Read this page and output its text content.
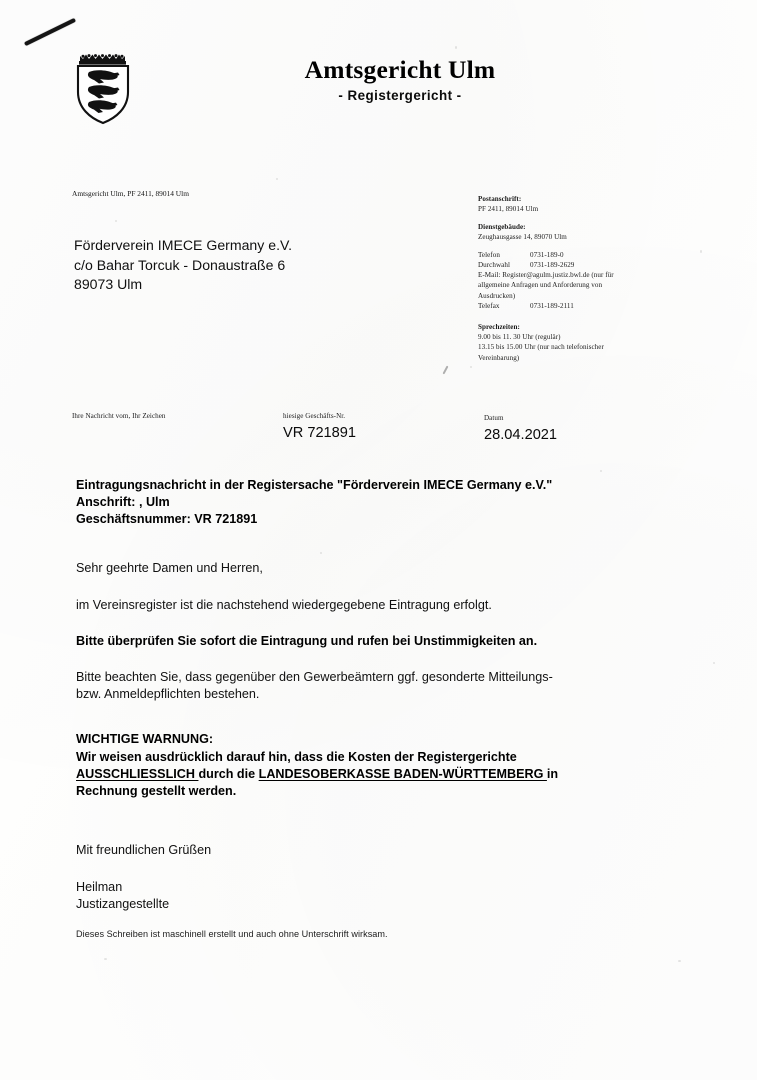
Amtsgericht Ulm
- Registergericht -
Amtsgericht Ulm, PF 2411, 89014 Ulm
Förderverein IMECE Germany e.V.
c/o Bahar Torcuk - Donaustraße 6
89073 Ulm
Postanschrift:
PF 2411, 89014 Ulm
Dienstgebäude:
Zeughausgasse 14, 89070 Ulm
Telefon	0731-189-0
Durchwahl	0731-189-2629
E-Mail: Register@agulm.justiz.bwl.de (nur für
allgemeine Anfragen und Anforderung von
Ausdrucken)
Telefax	0731-189-2111
Sprechzeiten:
9.00 bis 11. 30 Uhr (regulär)
13.15 bis 15.00 Uhr (nur nach telefonischer
Vereinbarung)
Ihre Nachricht vom, Ihr Zeichen	hiesige Geschäfts-Nr.
VR 721891
Datum
28.04.2021
Eintragungsnachricht in der Registersache "Förderverein IMECE Germany e.V."
Anschrift: , Ulm
Geschäftsnummer: VR 721891
Sehr geehrte Damen und Herren,
im Vereinsregister ist die nachstehend wiedergegebene Eintragung erfolgt.
Bitte überprüfen Sie sofort die Eintragung und rufen bei Unstimmigkeiten an.
Bitte beachten Sie, dass gegenüber den Gewerbeämtern ggf. gesonderte Mitteilungs-
bzw. Anmeldepflichten bestehen.
WICHTIGE WARNUNG:
Wir weisen ausdrücklich darauf hin, dass die Kosten der Registergerichte
AUSSCHLIESSLICH durch die LANDESOBERKASSE BADEN-WÜRTTEMBERG in
Rechnung gestellt werden.
Mit freundlichen Grüßen
Heilman
Justizangestellte
Dieses Schreiben ist maschinell erstellt und auch ohne Unterschrift wirksam.
